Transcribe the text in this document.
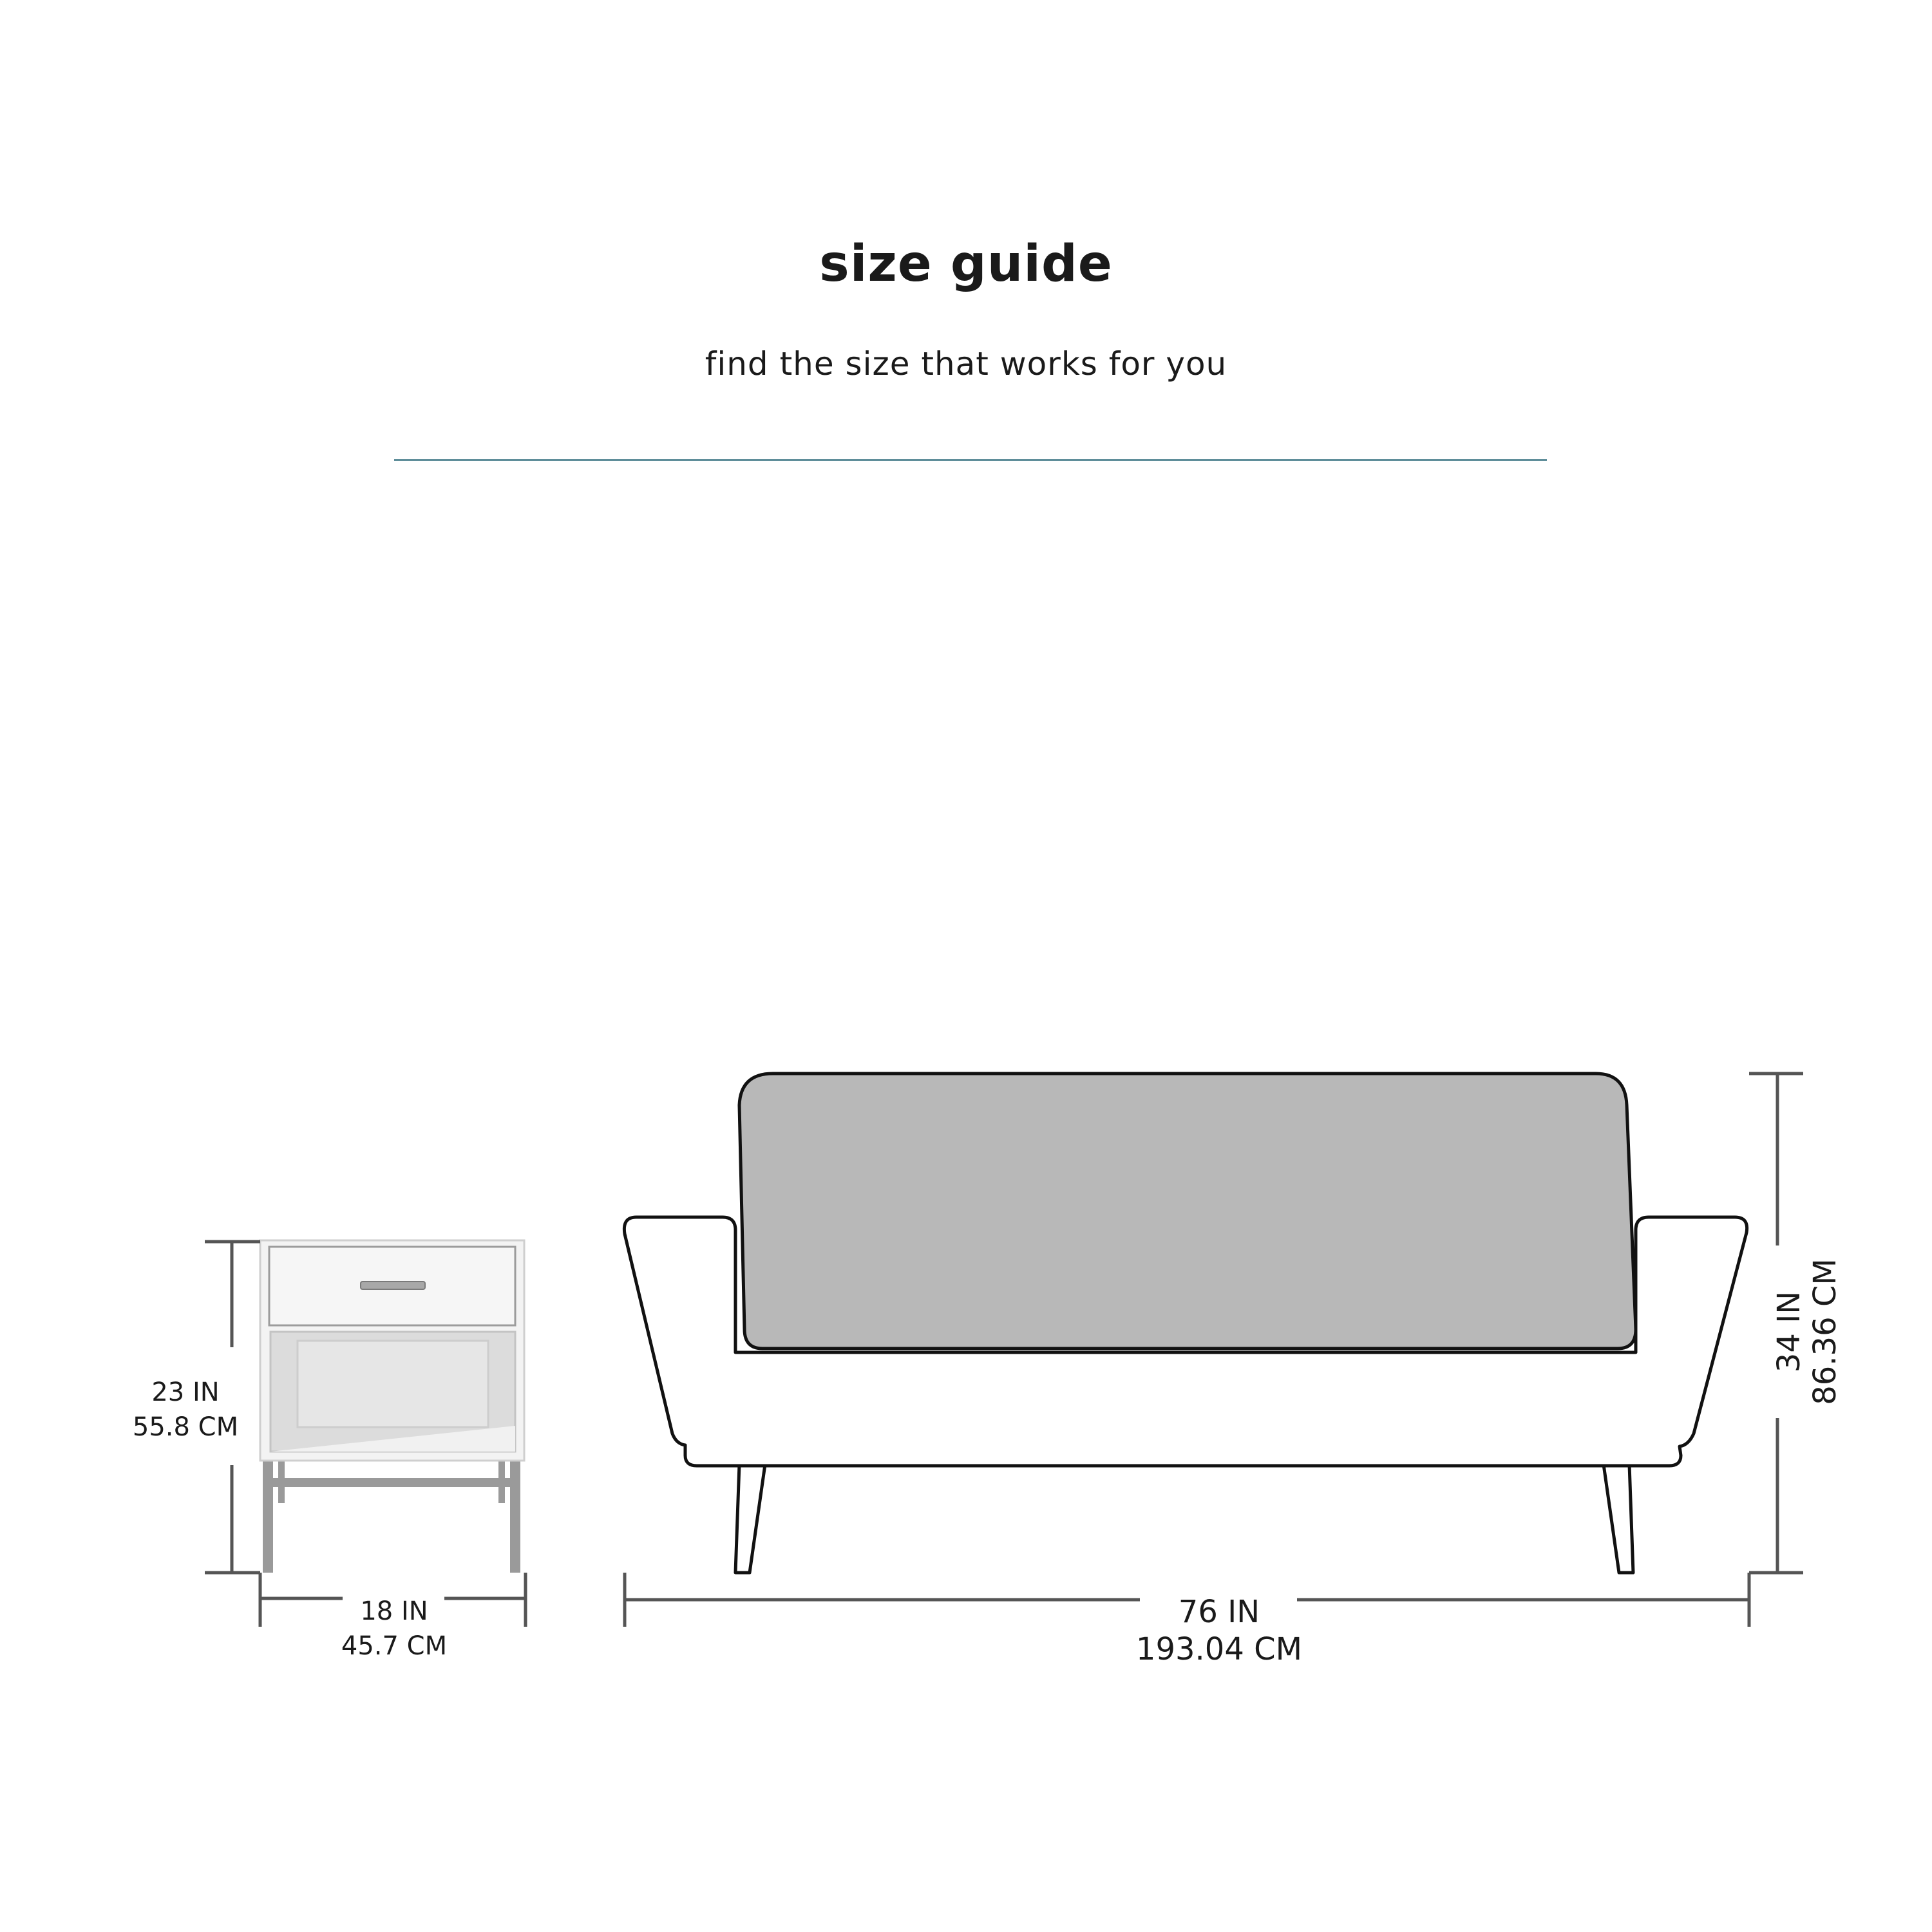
size guide
find the size that works for you
23 IN
55.8 CM
18 IN
45.7 CM
76 IN
193.04 CM
34 IN 86.36 CM
